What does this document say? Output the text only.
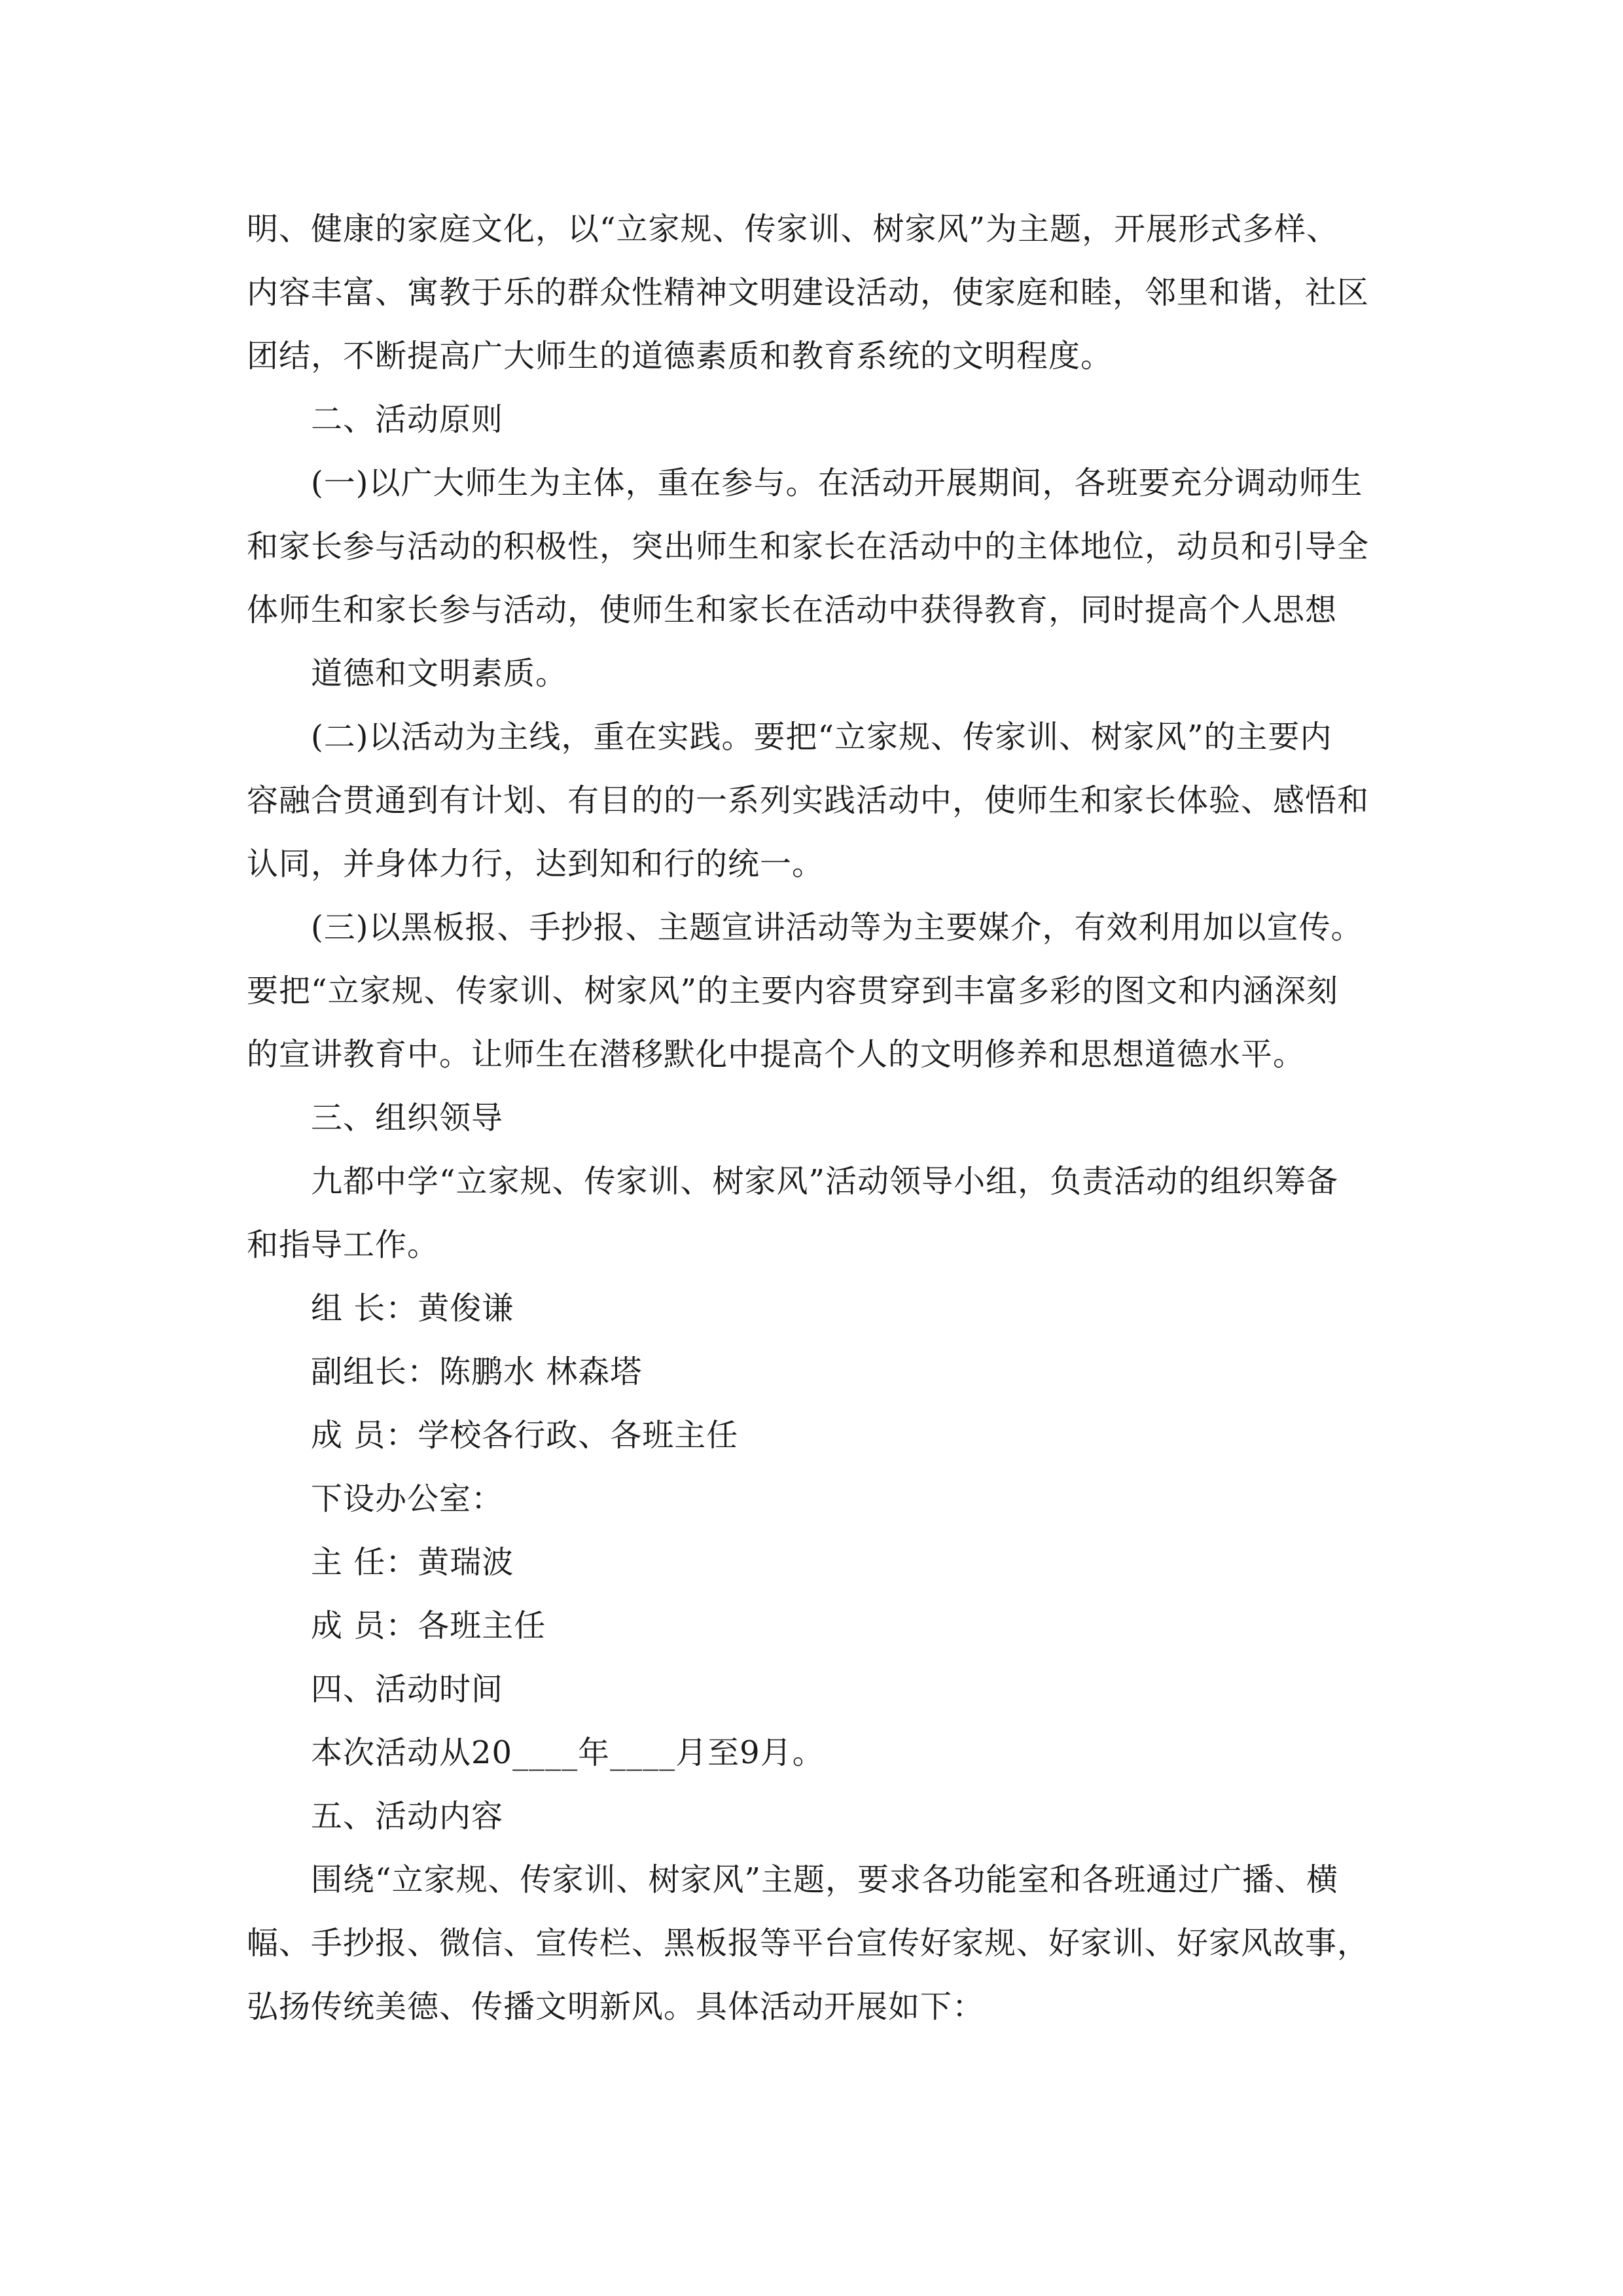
明、健康的家庭文化，以“立家规、传家训、树家风”为主题，开展形式多样、
内容丰富、寓教于乐的群众性精神文明建设活动，使家庭和睦，邻里和谐，社区
团结，不断提高广大师生的道德素质和教育系统的文明程度。
二、活动原则
(一)以广大师生为主体，重在参与。在活动开展期间，各班要充分调动师生
和家长参与活动的积极性，突出师生和家长在活动中的主体地位，动员和引导全
体师生和家长参与活动，使师生和家长在活动中获得教育，同时提高个人思想
道德和文明素质。
(二)以活动为主线，重在实践。要把“立家规、传家训、树家风”的主要内
容融合贯通到有计划、有目的的一系列实践活动中，使师生和家长体验、感悟和
认同，并身体力行，达到知和行的统一。
(三)以黑板报、手抄报、主题宣讲活动等为主要媒介，有效利用加以宣传。
要把“立家规、传家训、树家风”的主要内容贯穿到丰富多彩的图文和内涵深刻
的宣讲教育中。让师生在潜移默化中提高个人的文明修养和思想道德水平。
三、组织领导
九都中学“立家规、传家训、树家风”活动领导小组，负责活动的组织筹备
和指导工作。
组 长：黄俊谦
副组长：陈鹏水 林森塔
成 员：学校各行政、各班主任
下设办公室：
主 任：黄瑞波
成 员：各班主任
四、活动时间
本次活动从20____年____月至9月。
五、活动内容
围绕“立家规、传家训、树家风”主题，要求各功能室和各班通过广播、横
幅、手抄报、微信、宣传栏、黑板报等平台宣传好家规、好家训、好家风故事，
弘扬传统美德、传播文明新风。具体活动开展如下：
